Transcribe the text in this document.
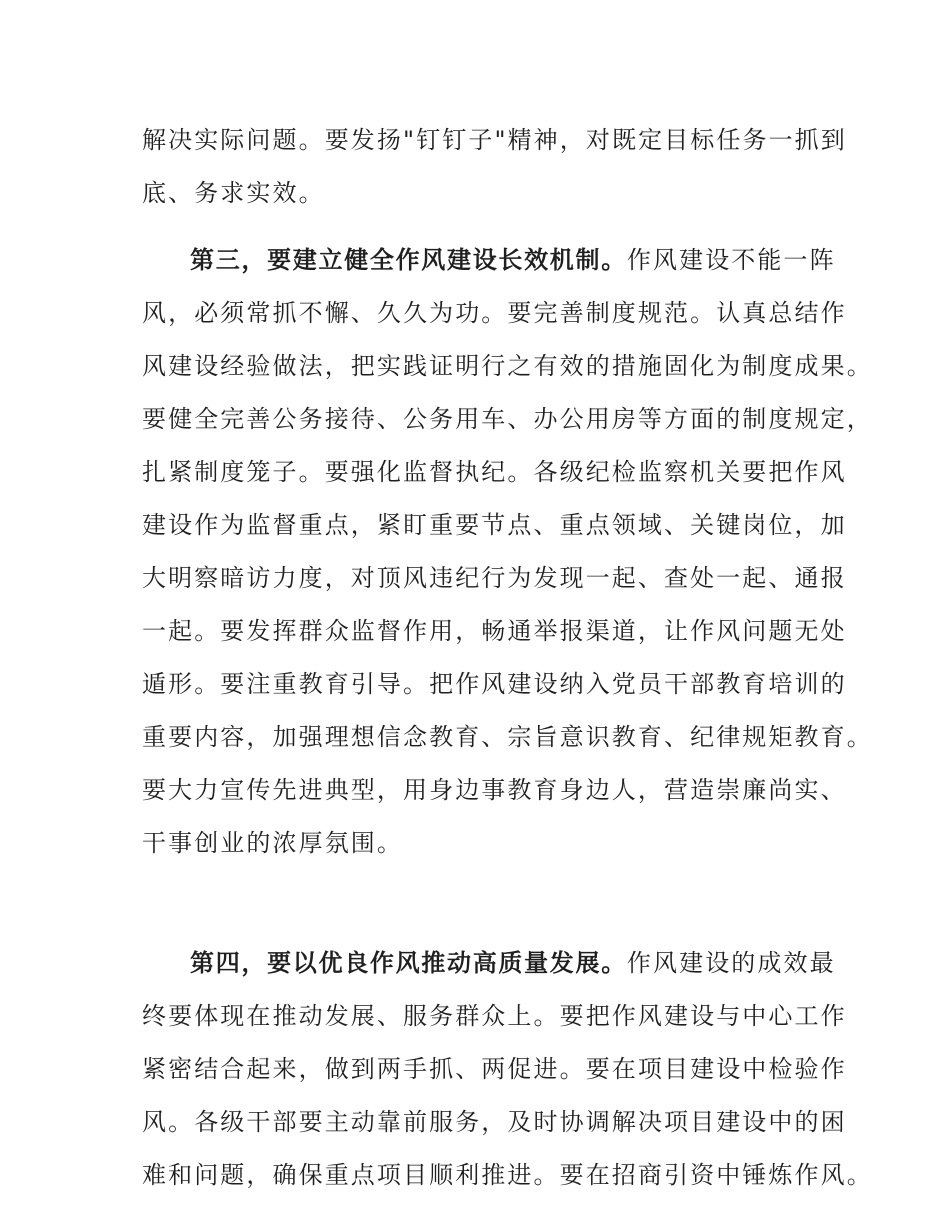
解决实际问题。要发扬"钉钉子"精神，对既定目标任务一抓到
底、务求实效。
第三，要建立健全作风建设长效机制。作风建设不能一阵
风，必须常抓不懈、久久为功。要完善制度规范。认真总结作
风建设经验做法，把实践证明行之有效的措施固化为制度成果。
要健全完善公务接待、公务用车、办公用房等方面的制度规定，
扎紧制度笼子。要强化监督执纪。各级纪检监察机关要把作风
建设作为监督重点，紧盯重要节点、重点领域、关键岗位，加
大明察暗访力度，对顶风违纪行为发现一起、查处一起、通报
一起。要发挥群众监督作用，畅通举报渠道，让作风问题无处
遁形。要注重教育引导。把作风建设纳入党员干部教育培训的
重要内容，加强理想信念教育、宗旨意识教育、纪律规矩教育。
要大力宣传先进典型，用身边事教育身边人，营造崇廉尚实、
干事创业的浓厚氛围。
第四，要以优良作风推动高质量发展。作风建设的成效最
终要体现在推动发展、服务群众上。要把作风建设与中心工作
紧密结合起来，做到两手抓、两促进。要在项目建设中检验作
风。各级干部要主动靠前服务，及时协调解决项目建设中的困
难和问题，确保重点项目顺利推进。要在招商引资中锤炼作风。
